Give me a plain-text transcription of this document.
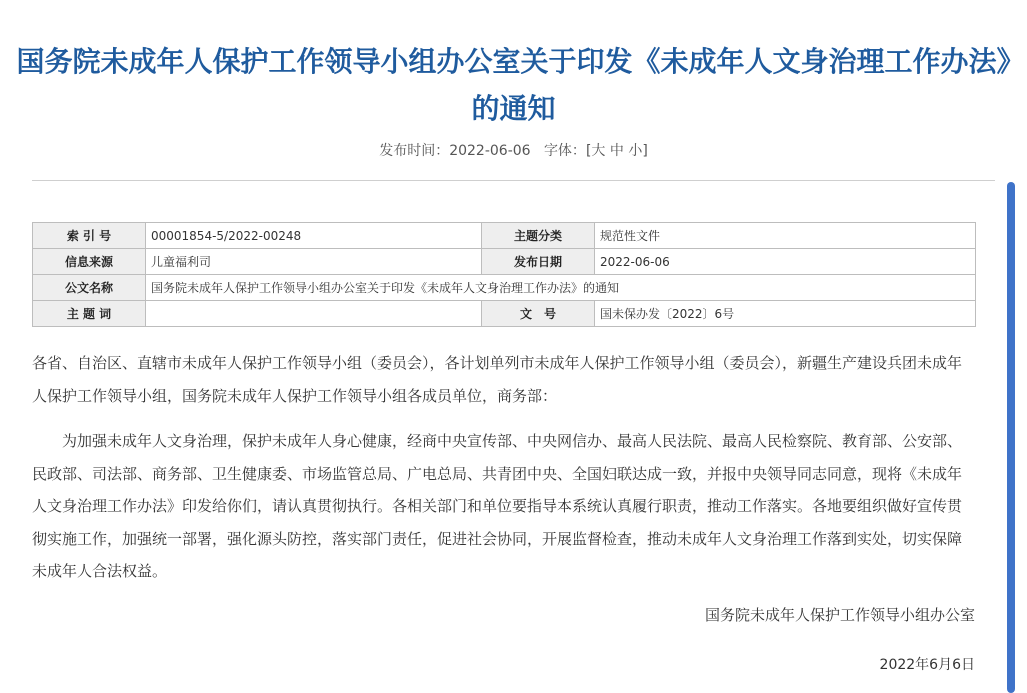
国务院未成年人保护工作领导小组办公室关于印发《未成年人文身治理工作办法》的通知
发布时间：2022-06-06 字体：[大 中 小]
索 引 号	00001854-5/2022-00248	主题分类	规范性文件
信息来源	儿童福利司	发布日期	2022-06-06
公文名称	国务院未成年人保护工作领导小组办公室关于印发《未成年人文身治理工作办法》的通知		
主 题 词		文　号	国未保办发〔2022〕6号
各省、自治区、直辖市未成年人保护工作领导小组（委员会），各计划单列市未成年人保护工作领导小组（委员会），新疆生产建设兵团未成年人保护工作领导小组，国务院未成年人保护工作领导小组各成员单位，商务部：
为加强未成年人文身治理，保护未成年人身心健康，经商中央宣传部、中央网信办、最高人民法院、最高人民检察院、教育部、公安部、民政部、司法部、商务部、卫生健康委、市场监管总局、广电总局、共青团中央、全国妇联达成一致，并报中央领导同志同意，现将《未成年人文身治理工作办法》印发给你们，请认真贯彻执行。各相关部门和单位要指导本系统认真履行职责，推动工作落实。各地要组织做好宣传贯彻实施工作，加强统一部署，强化源头防控，落实部门责任，促进社会协同，开展监督检查，推动未成年人文身治理工作落到实处，切实保障未成年人合法权益。
国务院未成年人保护工作领导小组办公室
2022年6月6日
